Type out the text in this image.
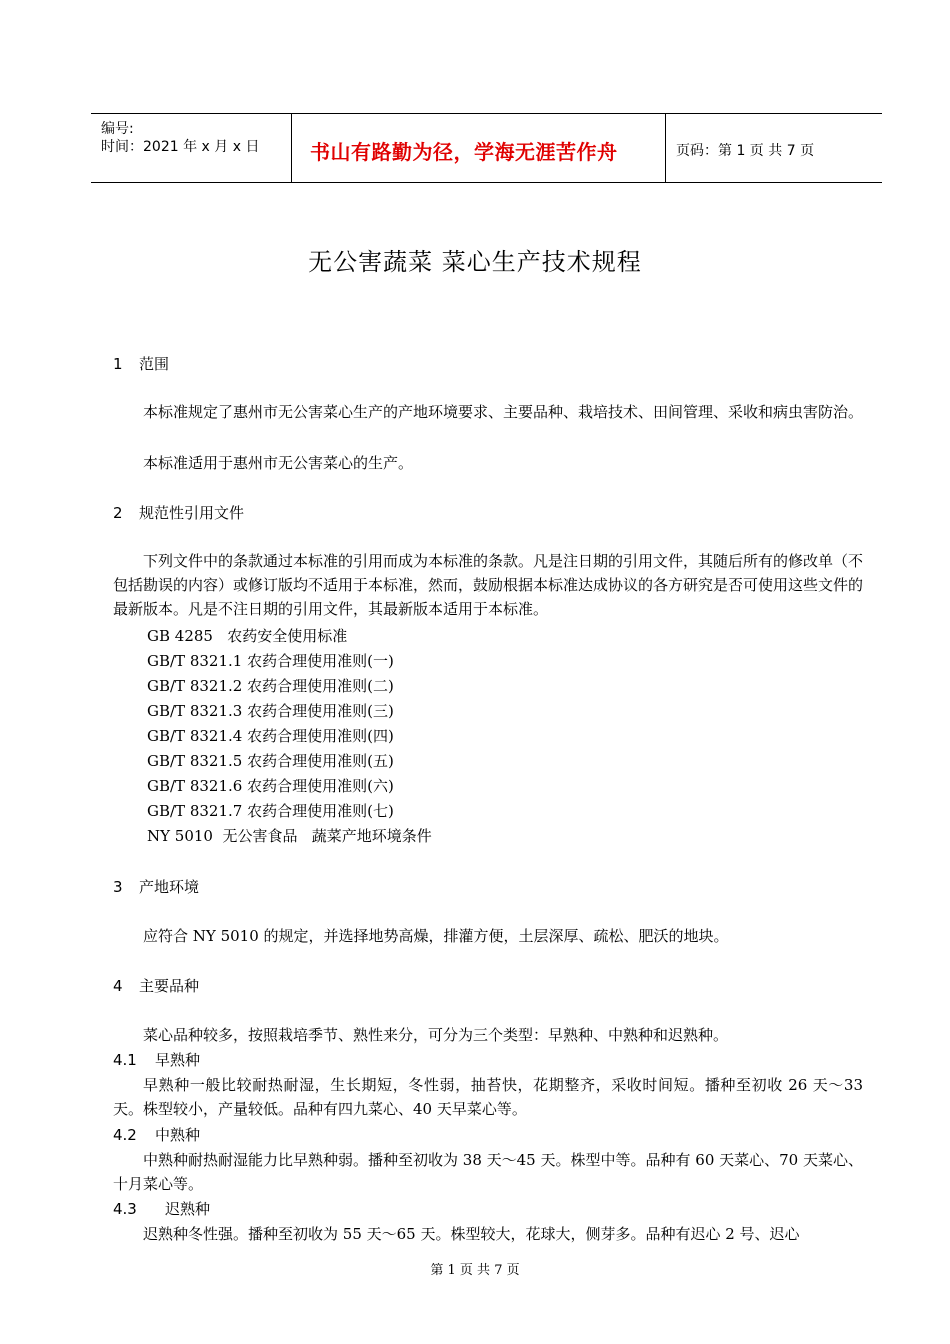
编号:
时间：2021 年 x 月 x 日	书山有路勤为径，学海无涯苦作舟	页码：第 1 页 共 7 页
无公害蔬菜 菜心生产技术规程
1 范围
本标准规定了惠州市无公害菜心生产的产地环境要求、主要品种、栽培技术、田间管理、采收和病虫害防治。
本标准适用于惠州市无公害菜心的生产。
2 规范性引用文件
下列文件中的条款通过本标准的引用而成为本标准的条款。凡是注日期的引用文件，其随后所有的修改单（不包括勘误的内容）或修订版均不适用于本标准，然而，鼓励根据本标准达成协议的各方研究是否可使用这些文件的最新版本。凡是不注日期的引用文件，其最新版本适用于本标准。
GB 4285   农药安全使用标准
GB/T 8321.1 农药合理使用准则(一)
GB/T 8321.2 农药合理使用准则(二)
GB/T 8321.3 农药合理使用准则(三)
GB/T 8321.4 农药合理使用准则(四)
GB/T 8321.5 农药合理使用准则(五)
GB/T 8321.6 农药合理使用准则(六)
GB/T 8321.7 农药合理使用准则(七)
NY 5010  无公害食品   蔬菜产地环境条件
3 产地环境
应符合 NY 5010 的规定，并选择地势高燥，排灌方便，土层深厚、疏松、肥沃的地块。
4 主要品种
菜心品种较多，按照栽培季节、熟性来分，可分为三个类型：早熟种、中熟种和迟熟种。
4.1 早熟种
早熟种一般比较耐热耐湿，生长期短，冬性弱，抽苔快，花期整齐，采收时间短。播种至初收 26 天～33 天。株型较小，产量较低。品种有四九菜心、40 天早菜心等。
4.2 中熟种
中熟种耐热耐湿能力比早熟种弱。播种至初收为 38 天～45 天。株型中等。品种有 60 天菜心、70 天菜心、十月菜心等。
4.3 迟熟种
迟熟种冬性强。播种至初收为 55 天～65 天。株型较大，花球大，侧芽多。品种有迟心 2 号、迟心
第 1 页 共 7 页
